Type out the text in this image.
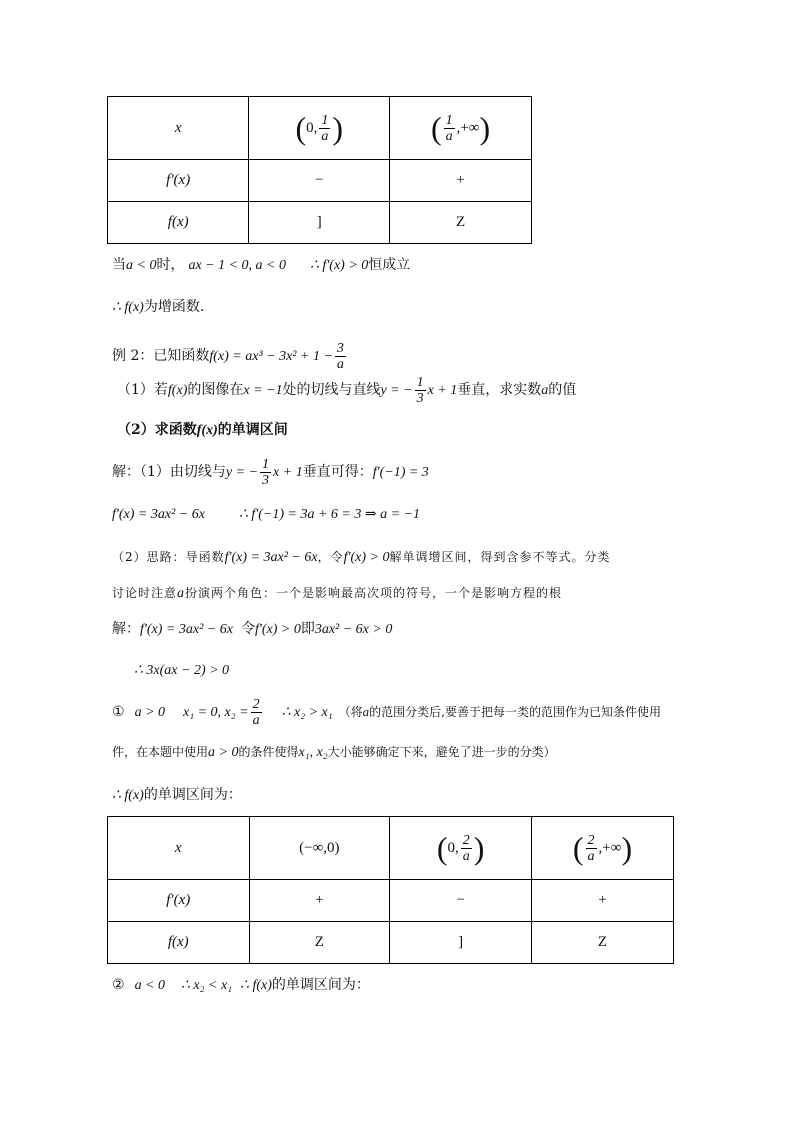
x	( 0, $\frac{1}{a}$ )	( $\frac{1}{a}$ ,+∞ )

f'(x)	−	+
f(x)	]	Z
当a < 0时， ax − 1 < 0, a < 0 ∴ f'(x) > 0恒成立
∴ f(x)为增函数.
例 2：已知函数$f(x) = ax^3 - 3x^2 + 1 - \frac{3}{a}$
（1）若f(x)的图像在x = −1处的切线与直线y = − $\frac{1}{3}$ x + 1垂直，求实数a的值
（2）求函数f(x)的单调区间
解：（1）由切线与y = − $\frac{1}{3}$ x + 1垂直可得：f'(−1) = 3
f'(x) = 3ax² − 6x ∴ f'(−1) = 3a + 6 = 3 ⇒ a = −1
（2）思路：导函数f'(x) = 3ax² − 6x，令f'(x) > 0解单调增区间，得到含参不等式。分类
讨论时注意a扮演两个角色：一个是影响最高次项的符号，一个是影响方程的根
解：f'(x) = 3ax² − 6x 令f'(x) > 0即3ax² − 6x > 0
∴ 3x(ax − 2) > 0
① a > 0 x₁ = 0, $x_2 = \frac{2}{a}$ ∴ x₂ > x₁ （将a的范围分类后,要善于把每一类的范围作为已知条件使用
件，在本题中使用a > 0的条件使得x₁, x₂大小能够确定下来，避免了进一步的分类）
∴ f(x)的单调区间为：
x	(−∞,0)	( 0, $\frac{2}{a}$ )	( $\frac{2}{a}$ ,+∞ )

f'(x)	+	−	+
f(x)	Z	]	Z
② a < 0 ∴ x₂ < x₁ ∴ f(x)的单调区间为：
